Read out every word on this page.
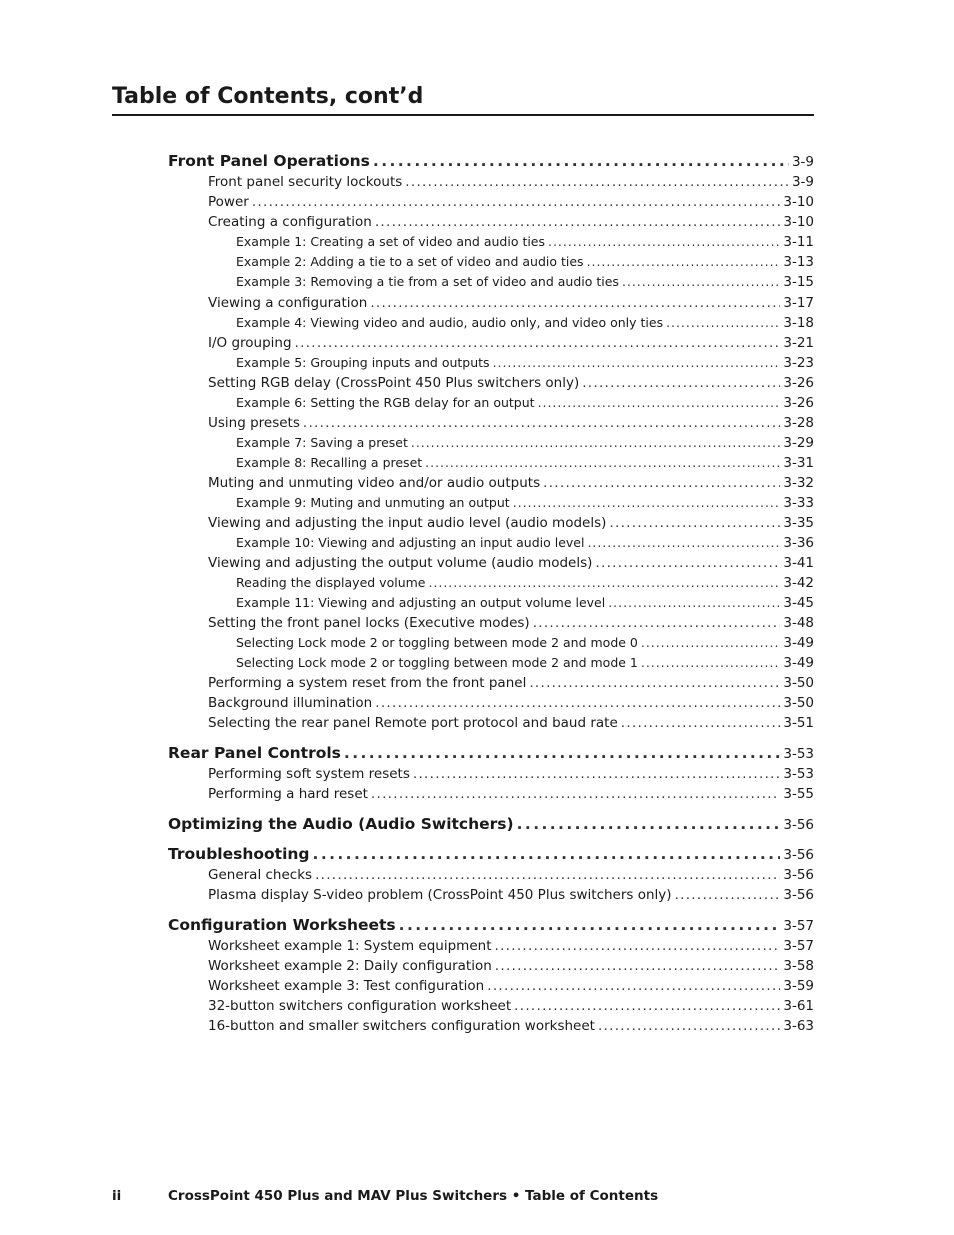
Table of Contents, cont’d
Front Panel Operations . . .	3-9
Front panel security lockouts . . .	3-9
Power . . .	3-10
Creating a configuration . . .	3-10
Example 1: Creating a set of video and audio ties . . .	3-11
Example 2: Adding a tie to a set of video and audio ties . . .	3-13
Example 3: Removing a tie from a set of video and audio ties . . .	3-15
Viewing a configuration . . .	3-17
Example 4: Viewing video and audio, audio only, and video only ties . . .	3-18
I/O grouping . . .	3-21
Example 5: Grouping inputs and outputs . . .	3-23
Setting RGB delay (CrossPoint 450 Plus switchers only) . . .	3-26
Example 6: Setting the RGB delay for an output . . .	3-26
Using presets . . .	3-28
Example 7: Saving a preset . . .	3-29
Example 8: Recalling a preset . . .	3-31
Muting and unmuting video and/or audio outputs . . .	3-32
Example 9: Muting and unmuting an output . . .	3-33
Viewing and adjusting the input audio level (audio models) . . .	3-35
Example 10: Viewing and adjusting an input audio level . . .	3-36
Viewing and adjusting the output volume (audio models) . . .	3-41
Reading the displayed volume . . .	3-42
Example 11: Viewing and adjusting an output volume level . . .	3-45
Setting the front panel locks (Executive modes) . . .	3-48
Selecting Lock mode 2 or toggling between mode 2 and mode 0 . . .	3-49
Selecting Lock mode 2 or toggling between mode 2 and mode 1 . . .	3-49
Performing a system reset from the front panel . . .	3-50
Background illumination . . .	3-50
Selecting the rear panel Remote port protocol and baud rate . . .	3-51
Rear Panel Controls . . .	3-53
Performing soft system resets . . .	3-53
Performing a hard reset . . .	3-55
Optimizing the Audio (Audio Switchers) . . .	3-56
Troubleshooting . . .	3-56
General checks . . .	3-56
Plasma display S-video problem (CrossPoint 450 Plus switchers only) . . .	3-56
Configuration Worksheets . . .	3-57
Worksheet example 1: System equipment . . .	3-57
Worksheet example 2: Daily configuration . . .	3-58
Worksheet example 3: Test configuration . . .	3-59
32-button switchers configuration worksheet . . .	3-61
16-button and smaller switchers configuration worksheet . . .	3-63
ii	CrossPoint 450 Plus and MAV Plus Switchers • Table of Contents
